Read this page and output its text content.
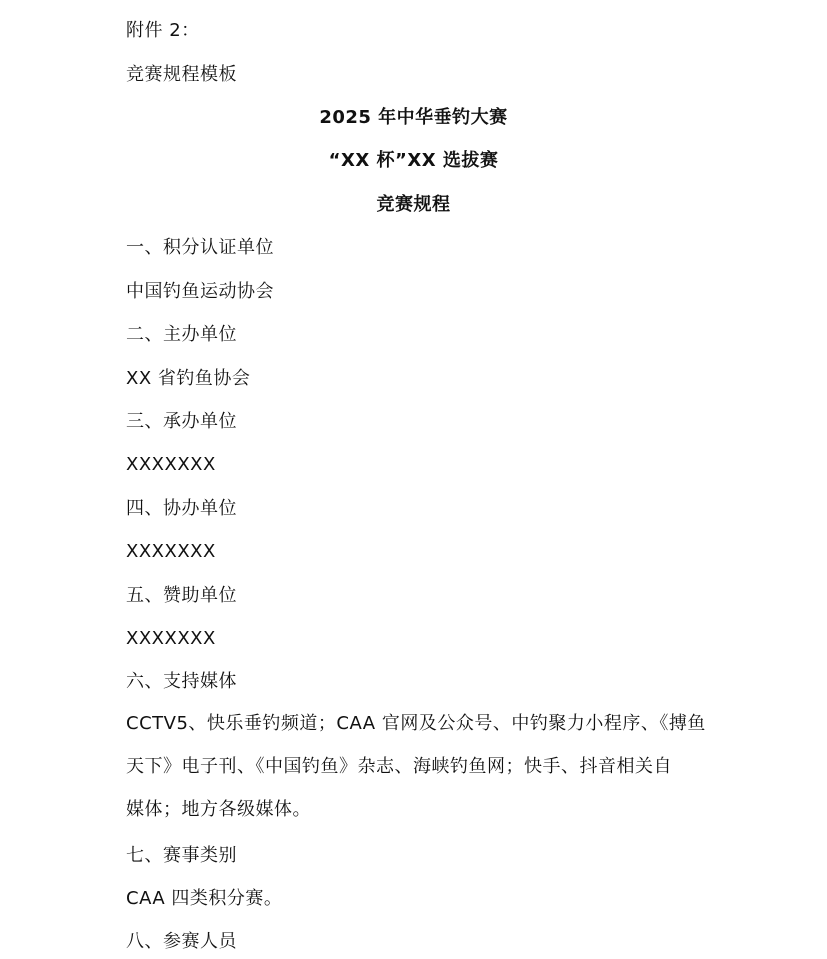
附件 2：
竞赛规程模板
2025 年中华垂钓大赛
“XX 杯”XX 选拔赛
竞赛规程
一、积分认证单位
中国钓鱼运动协会
二、主办单位
XX 省钓鱼协会
三、承办单位
XXXXXXX
四、协办单位
XXXXXXX
五、赞助单位
XXXXXXX
六、支持媒体
CCTV5、快乐垂钓频道；CAA 官网及公众号、中钓聚力小程序、《搏鱼
天下》电子刊、《中国钓鱼》杂志、海峡钓鱼网；快手、抖音相关自
媒体；地方各级媒体。
七、赛事类别
CAA 四类积分赛。
八、参赛人员
